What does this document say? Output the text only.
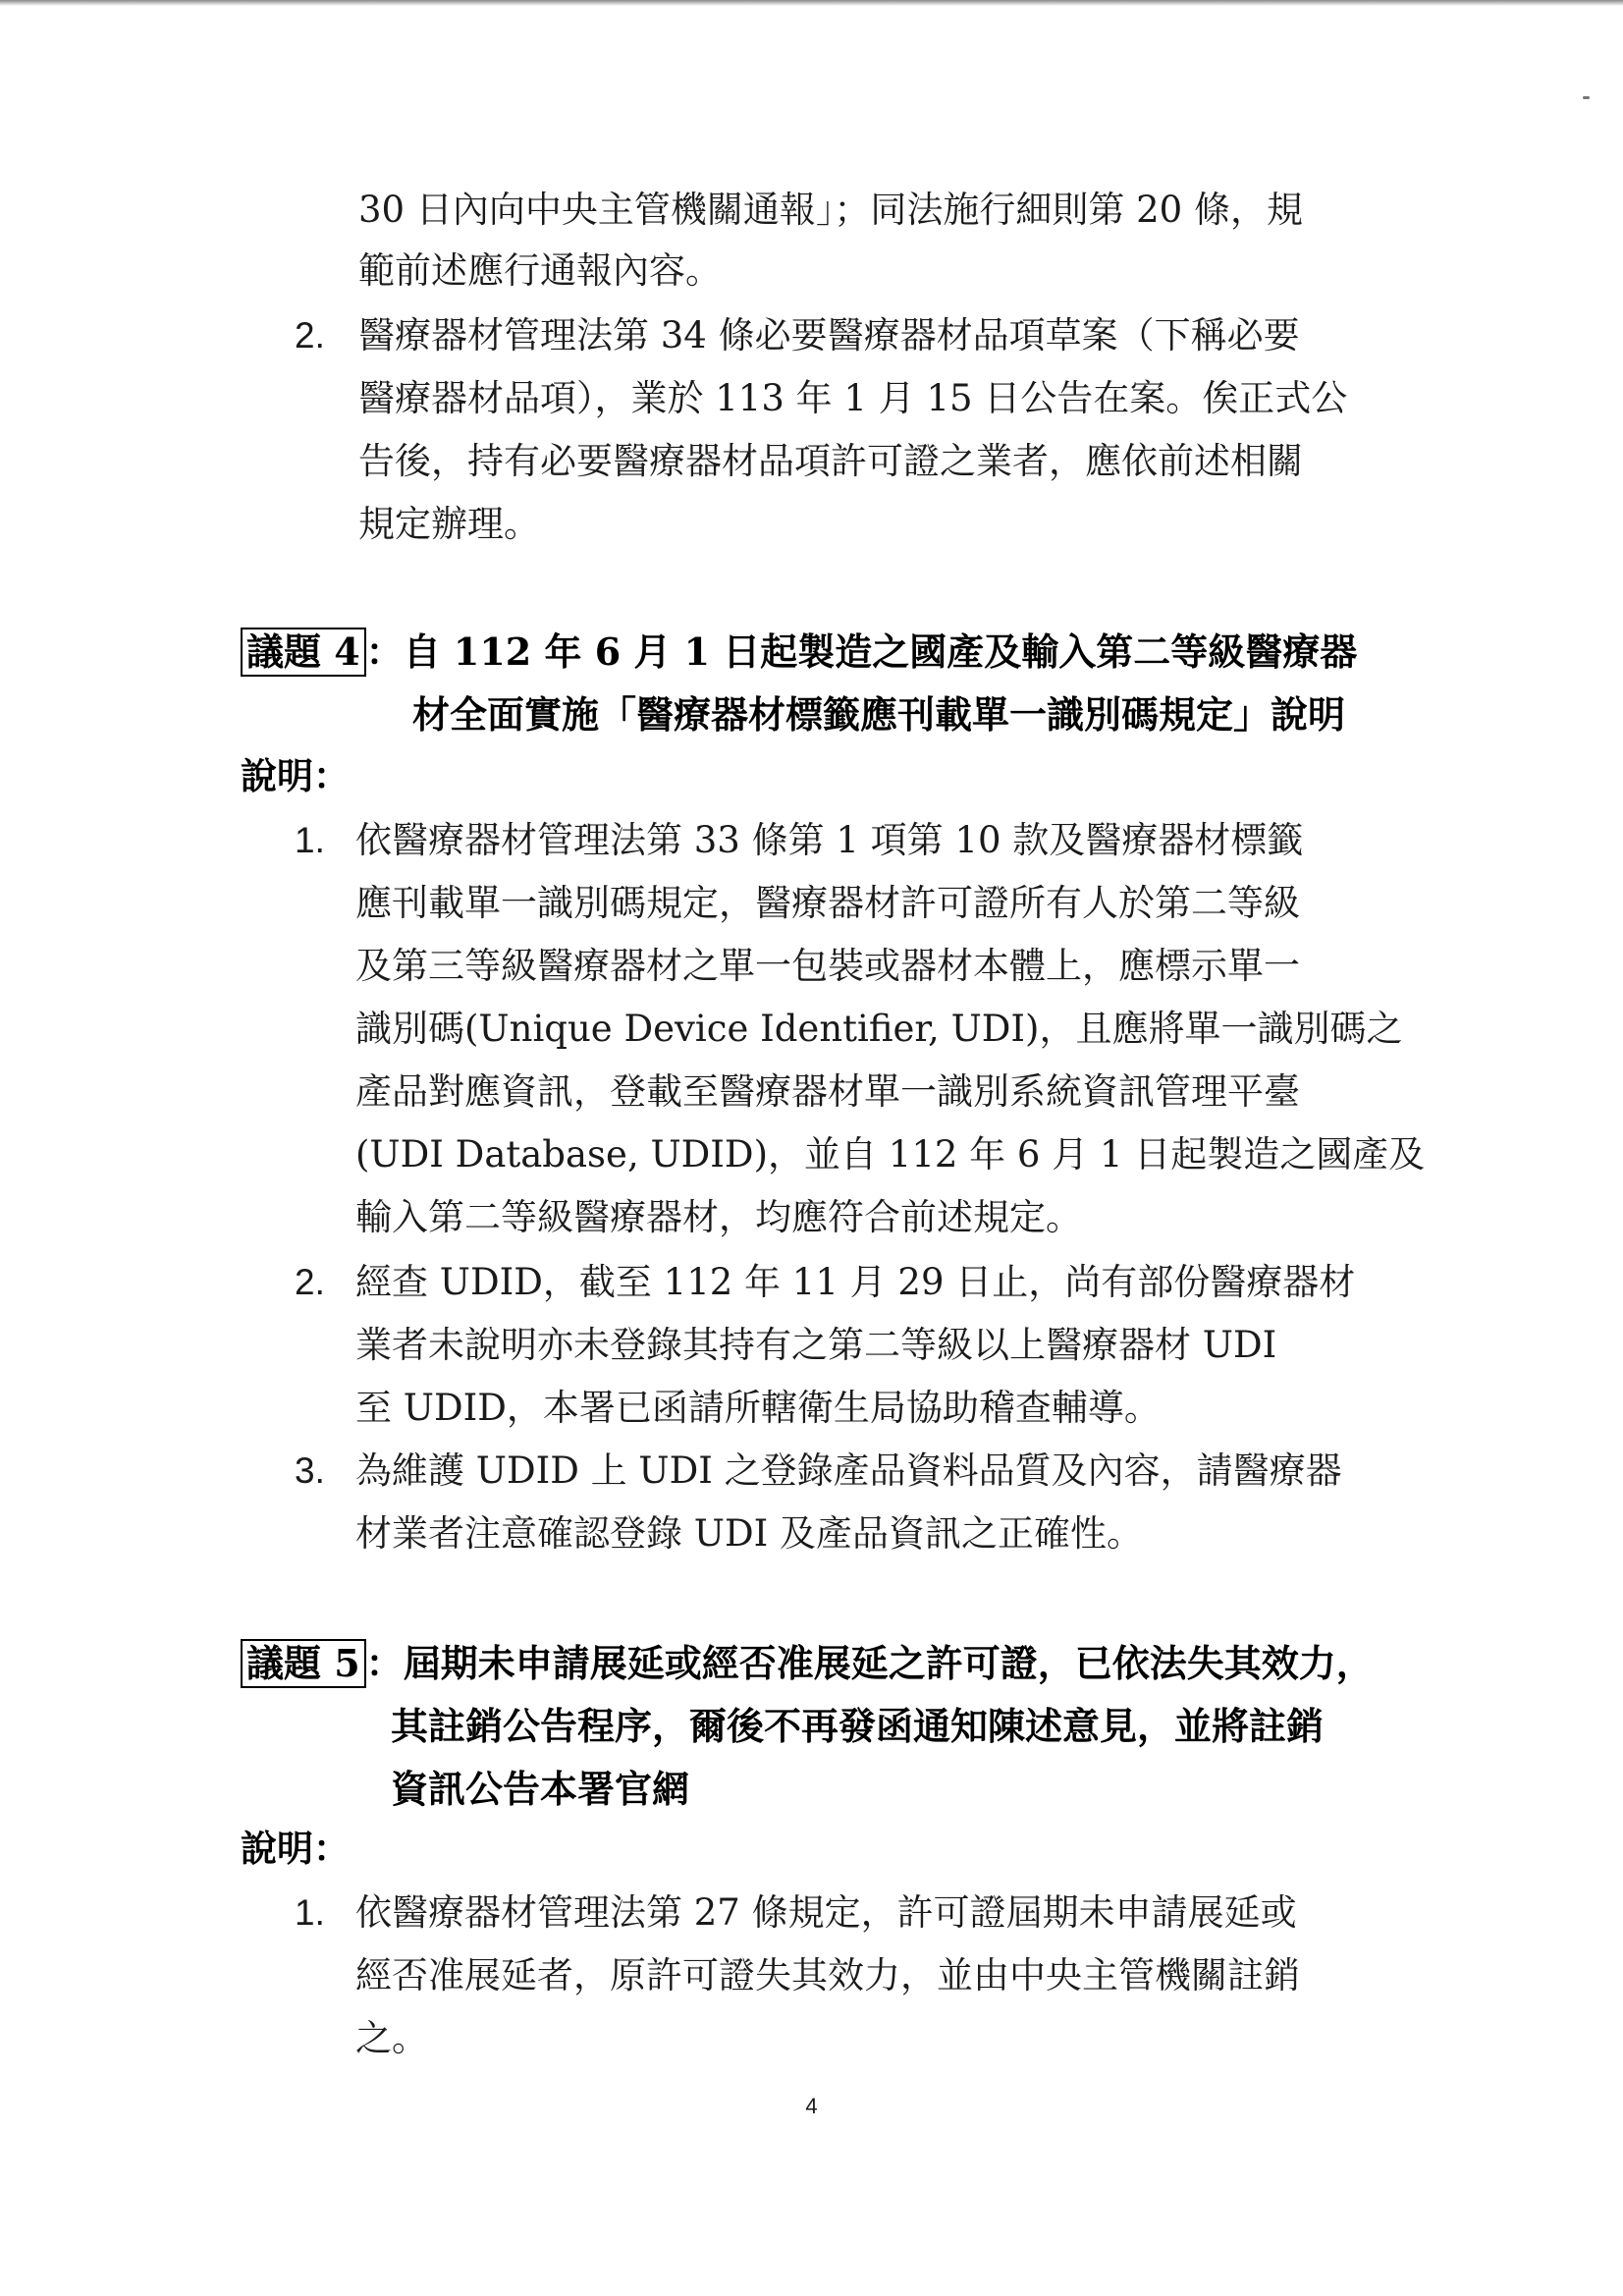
30 日內向中央主管機關通報」；同法施行細則第 20 條，規
範前述應行通報內容。
2. 醫療器材管理法第 34 條必要醫療器材品項草案（下稱必要
醫療器材品項），業於 113 年 1 月 15 日公告在案。俟正式公
告後，持有必要醫療器材品項許可證之業者，應依前述相關
規定辦理。
議題 4 ：自 112 年 6 月 1 日起製造之國產及輸入第二等級醫療器
材全面實施「醫療器材標籤應刊載單一識別碼規定」說明
說明：
1. 依醫療器材管理法第 33 條第 1 項第 10 款及醫療器材標籤
應刊載單一識別碼規定，醫療器材許可證所有人於第二等級
及第三等級醫療器材之單一包裝或器材本體上，應標示單一
識別碼(Unique Device Identifier, UDI)，且應將單一識別碼之
產品對應資訊，登載至醫療器材單一識別系統資訊管理平臺
(UDI Database, UDID)，並自 112 年 6 月 1 日起製造之國產及
輸入第二等級醫療器材，均應符合前述規定。
2. 經查 UDID，截至 112 年 11 月 29 日止，尚有部份醫療器材
業者未說明亦未登錄其持有之第二等級以上醫療器材 UDI
至 UDID，本署已函請所轄衛生局協助稽查輔導。
3. 為維護 UDID 上 UDI 之登錄產品資料品質及內容，請醫療器
材業者注意確認登錄 UDI 及產品資訊之正確性。
議題 5 ：屆期未申請展延或經否准展延之許可證，已依法失其效力，
其註銷公告程序，爾後不再發函通知陳述意見，並將註銷
資訊公告本署官網
說明：
1. 依醫療器材管理法第 27 條規定，許可證屆期未申請展延或
經否准展延者，原許可證失其效力，並由中央主管機關註銷
之。
4
